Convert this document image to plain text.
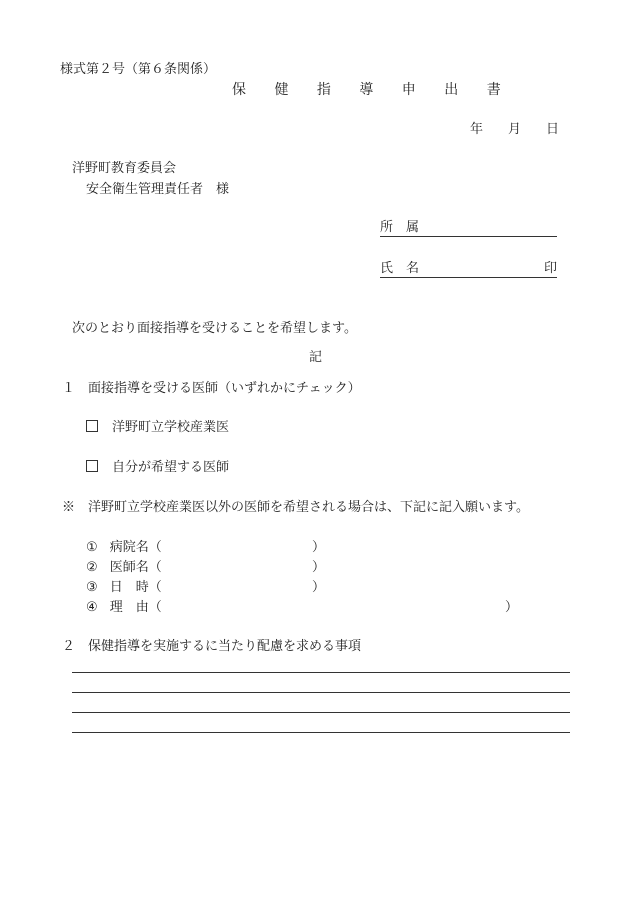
様式第２号（第６条関係）
保 健 指 導 申 出 書
年 月 日
洋野町教育委員会
安全衛生管理責任者　様
所　属
氏　名	印
次のとおり面接指導を受けることを希望します。
記
１　面接指導を受ける医師（いずれかにチェック）
洋野町立学校産業医
自分が希望する医師
※　洋野町立学校産業医以外の医師を希望される場合は、下記に記入願います。
① 病院名（	）
② 医師名（	）
③ 日　時（	）
④ 理　由（	）
２　保健指導を実施するに当たり配慮を求める事項
